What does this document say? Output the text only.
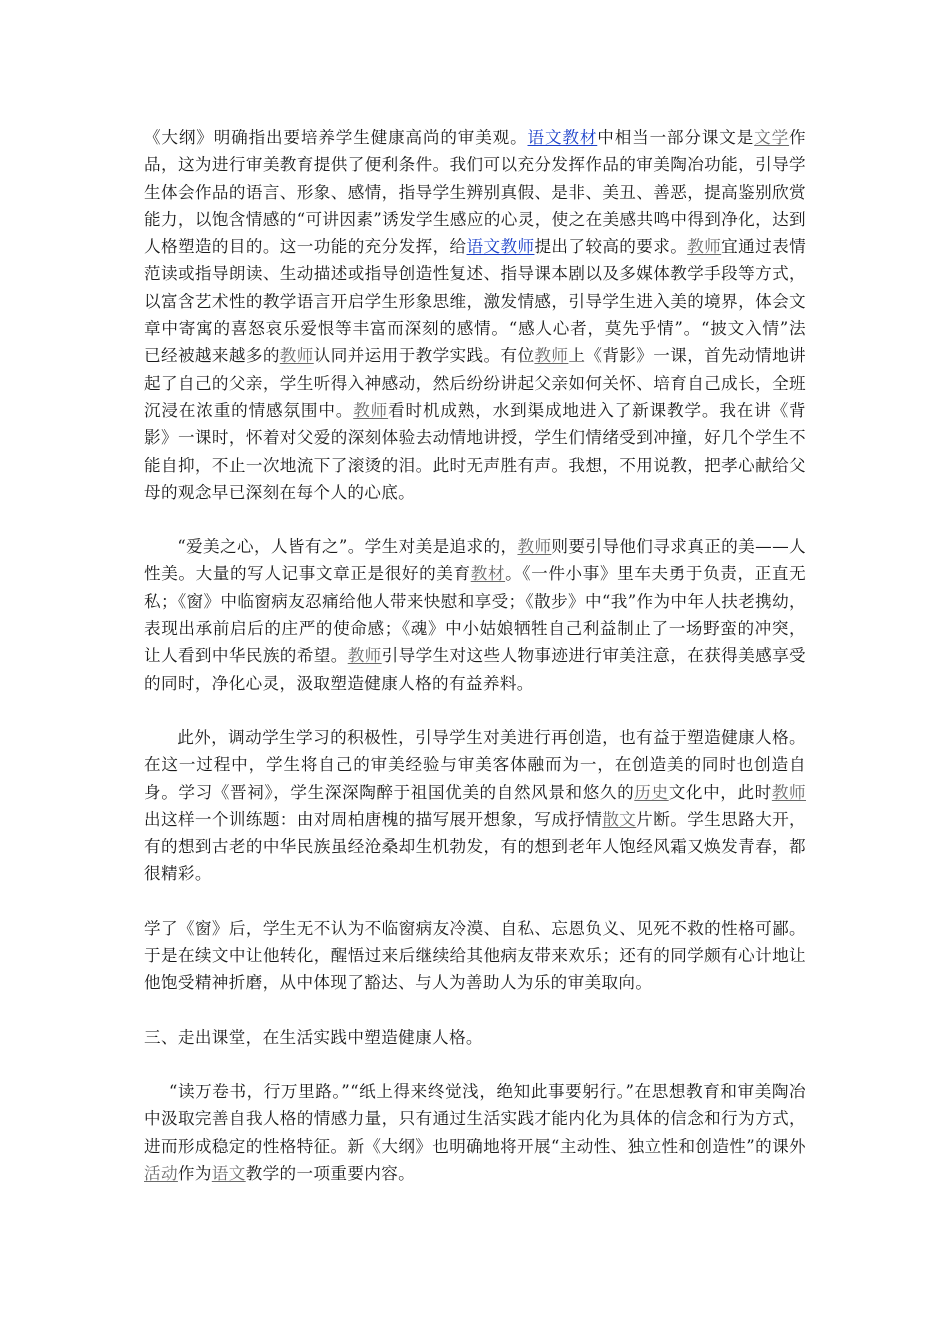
《大纲》明确指出要培养学生健康高尚的审美观。语文教材中相当一部分课文是文学作品，这为进行审美教育提供了便利条件。我们可以充分发挥作品的审美陶冶功能，引导学生体会作品的语言、形象、感情，指导学生辨别真假、是非、美丑、善恶，提高鉴别欣赏能力，以饱含情感的“可讲因素”诱发学生感应的心灵，使之在美感共鸣中得到净化，达到人格塑造的目的。这一功能的充分发挥，给语文教师提出了较高的要求。教师宜通过表情范读或指导朗读、生动描述或指导创造性复述、指导课本剧以及多媒体教学手段等方式，以富含艺术性的教学语言开启学生形象思维，激发情感，引导学生进入美的境界，体会文章中寄寓的喜怒哀乐爱恨等丰富而深刻的感情。“感人心者，莫先乎情”。“披文入情”法已经被越来越多的教师认同并运用于教学实践。有位教师上《背影》一课，首先动情地讲起了自己的父亲，学生听得入神感动，然后纷纷讲起父亲如何关怀、培育自己成长，全班沉浸在浓重的情感氛围中。教师看时机成熟，水到渠成地进入了新课教学。我在讲《背影》一课时，怀着对父爱的深刻体验去动情地讲授，学生们情绪受到冲撞，好几个学生不能自抑，不止一次地流下了滚烫的泪。此时无声胜有声。我想，不用说教，把孝心献给父母的观念早已深刻在每个人的心底。

“爱美之心，人皆有之”。学生对美是追求的，教师则要引导他们寻求真正的美——人性美。大量的写人记事文章正是很好的美育教材。《一件小事》里车夫勇于负责，正直无私；《窗》中临窗病友忍痛给他人带来快慰和享受；《散步》中“我”作为中年人扶老携幼，表现出承前启后的庄严的使命感；《魂》中小姑娘牺牲自己利益制止了一场野蛮的冲突，让人看到中华民族的希望。教师引导学生对这些人物事迹进行审美注意，在获得美感享受的同时，净化心灵，汲取塑造健康人格的有益养料。

此外，调动学生学习的积极性，引导学生对美进行再创造，也有益于塑造健康人格。在这一过程中，学生将自己的审美经验与审美客体融而为一，在创造美的同时也创造自身。学习《晋祠》，学生深深陶醉于祖国优美的自然风景和悠久的历史文化中，此时教师出这样一个训练题：由对周柏唐槐的描写展开想象，写成抒情散文片断。学生思路大开，有的想到古老的中华民族虽经沧桑却生机勃发，有的想到老年人饱经风霜又焕发青春，都很精彩。

学了《窗》后，学生无不认为不临窗病友冷漠、自私、忘恩负义、见死不救的性格可鄙。于是在续文中让他转化，醒悟过来后继续给其他病友带来欢乐；还有的同学颇有心计地让他饱受精神折磨，从中体现了豁达、与人为善助人为乐的审美取向。

三、走出课堂，在生活实践中塑造健康人格。

“读万卷书，行万里路。”“纸上得来终觉浅，绝知此事要躬行。”在思想教育和审美陶冶中汲取完善自我人格的情感力量，只有通过生活实践才能内化为具体的信念和行为方式，进而形成稳定的性格特征。新《大纲》也明确地将开展“主动性、独立性和创造性”的课外活动作为语文教学的一项重要内容。
